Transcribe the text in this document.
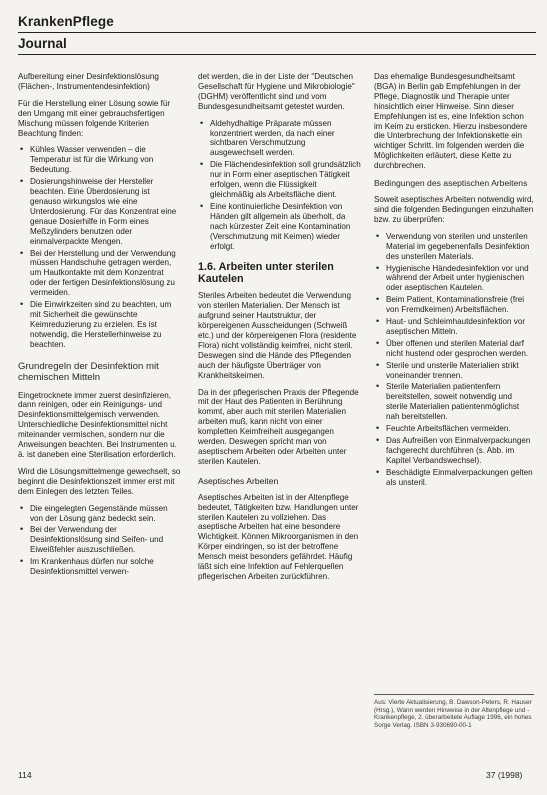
KrankenPflege
Journal

Aufbereitung einer Desinfektionslösung (Flächen-, Instrumentendesinfektion)

Für die Herstellung einer Lösung sowie für den Umgang mit einer gebrauchsfertigen Mischung müssen folgende Kriterien Beachtung finden:

• Kühles Wasser verwenden – die Temperatur ist für die Wirkung von Bedeutung.
• Dosierungshinweise der Hersteller beachten. Eine Überdosierung ist genauso wirkungslos wie eine Unterdosierung. Für das Konzentrat eine genaue Dosierhilfe in Form eines Meßzylinders benutzen oder einmalverpackte Mengen.
• Bei der Herstellung und der Verwendung müssen Handschuhe getragen werden, um Hautkontakte mit dem Konzentrat oder der fertigen Desinfektionslösung zu vermeiden.
• Die Einwirkzeiten sind zu beachten, um mit Sicherheit die gewünschte Keimreduzierung zu erzielen. Es ist notwendig, die Herstellerhinweise zu beachten.
Grundregeln der Desinfektion mit chemischen Mitteln

Eingetrocknete immer zuerst desinfizieren, dann reinigen, oder ein Reinigungs- und Desinfektionsmittelgemisch verwenden. Unterschiedliche Desinfektionsmittel nicht miteinander vermischen, sondern nur die Anweisungen beachten. Bei Instrumenten u. ä. ist daneben eine Sterilisation erforderlich.

Wird die Lösungsmittelmenge gewechselt, so beginnt die Desinfektionszeit immer erst mit dem Einlegen des letzten Teiles.

• Die eingelegten Gegenstände müssen von der Lösung ganz bedeckt sein.
• Bei der Verwendung der Desinfektionslösung sind Seifen- und Eiweißfehler auszuschließen.
• Im Krankenhaus dürfen nur solche Desinfektionsmittel verwen-

det werden, die in der Liste der "Deutschen Gesellschaft für Hygiene und Mikrobiologie" (DGHM) veröffentlicht sind und vom Bundesgesundheitsamt getestet wurden.

• Aldehydhaltige Präparate müssen konzentriert werden, da nach einer sichtbaren Verschmutzung ausgewechselt werden.
• Die Flächendesinfektion soll grundsätzlich nur in Form einer aseptischen Tätigkeit erfolgen, wenn die Flüssigkeit gleichmäßig als Arbeitsfläche dient.
• Eine kontinuierliche Desinfektion von Händen gilt allgemein als überholt, da nach kürzester Zeit eine Kontamination (Verschmutzung mit Keimen) wieder erfolgt.
1.6. Arbeiten unter sterilen Kautelen

Steriles Arbeiten bedeutet die Verwendung von sterilen Materialien. Der Mensch ist aufgrund seiner Hautstruktur, der körpereigenen Ausscheidungen (Schweiß etc.) und der körpereigenen Flora (residente Flora) nicht vollständig keimfrei, nicht steril. Deswegen sind die Hände des Pflegenden auch der häufigste Überträger von Krankheitskeimen.

Da in der pflegerischen Praxis der Pflegende mit der Haut des Patienten in Berührung kommt, aber auch mit sterilen Materialien arbeiten muß, kann nicht von einer kompletten Keimfreiheit ausgegangen werden. Deswegen spricht man von aseptischem Arbeiten oder Arbeiten unter sterilen Kautelen.

Aseptisches Arbeiten

Aseptisches Arbeiten ist in der Altenpflege bedeutet, Tätigkeiten bzw. Handlungen unter sterilen Kautelen zu vollziehen. Das aseptische Arbeiten hat eine besondere Wichtigkeit. Können Mikroorganismen in den Körper eindringen, so ist der betroffene Mensch meist besonders gefährdet. Häufig läßt sich eine Infektion auf Fehlerquellen pflegerischen Arbeiten zurückführen.

Das ehemalige Bundesgesundheitsamt (BGA) in Berlin gab Empfehlungen in der Pflege, Diagnostik und Therapie unter hinsichtlich einer Hinweise. Sinn dieser Empfehlungen ist es, eine Infektion schon im Keim zu ersticken. Hierzu insbesondere die Unterbrechung der Infektionskette ein wichtiger Schritt. Im folgenden werden die Möglichkeiten erläutert, diese Kette zu durchbrechen.

Bedingungen des aseptischen Arbeitens

Soweit aseptisches Arbeiten notwendig wird, sind die folgenden Bedingungen einzuhalten bzw. zu überprüfen:

• Verwendung von sterilen und unsterilen Material im gegebenenfalls Desinfektion des unsterilen Materials.
• Hygienische Händedesinfektion vor und während der Arbeit unter hygienischen oder aseptischen Kautelen.
• Beim Patient, Kontaminationsfreie (frei von Fremdkeimen) Arbeitsflächen.
• Haut- und Schleimhautdesinfektion vor aseptischen Mitteln.
• Über offenen und sterilen Material darf nicht hustend oder gesprochen werden.
• Sterile und unsterile Materialien strikt voneinander trennen.
• Sterile Materialien patientenfern bereitstellen, soweit notwendig und sterile Materialien patientenmöglichst nah bereitstellen.
• Feuchte Arbeitsflächen vermeiden.
• Das Aufreißen von Einmalverpackungen fachgerecht durchführen (s. Abb. im Kapitel Verbandswechsel).
• Beschädigte Einmalverpackungen gelten als unsteril.
Aus: Vierte Aktualisierung, B. Dawson-Peters, R. Hauser (Hrsg.), Wann werden Hinweise in der Altenpflege und -Krankenpflege, 2. überarbeitete Auflage 1996, ein hohes Sorge Verlag. ISBN 3-930690-00-1
114	37 (1998)
